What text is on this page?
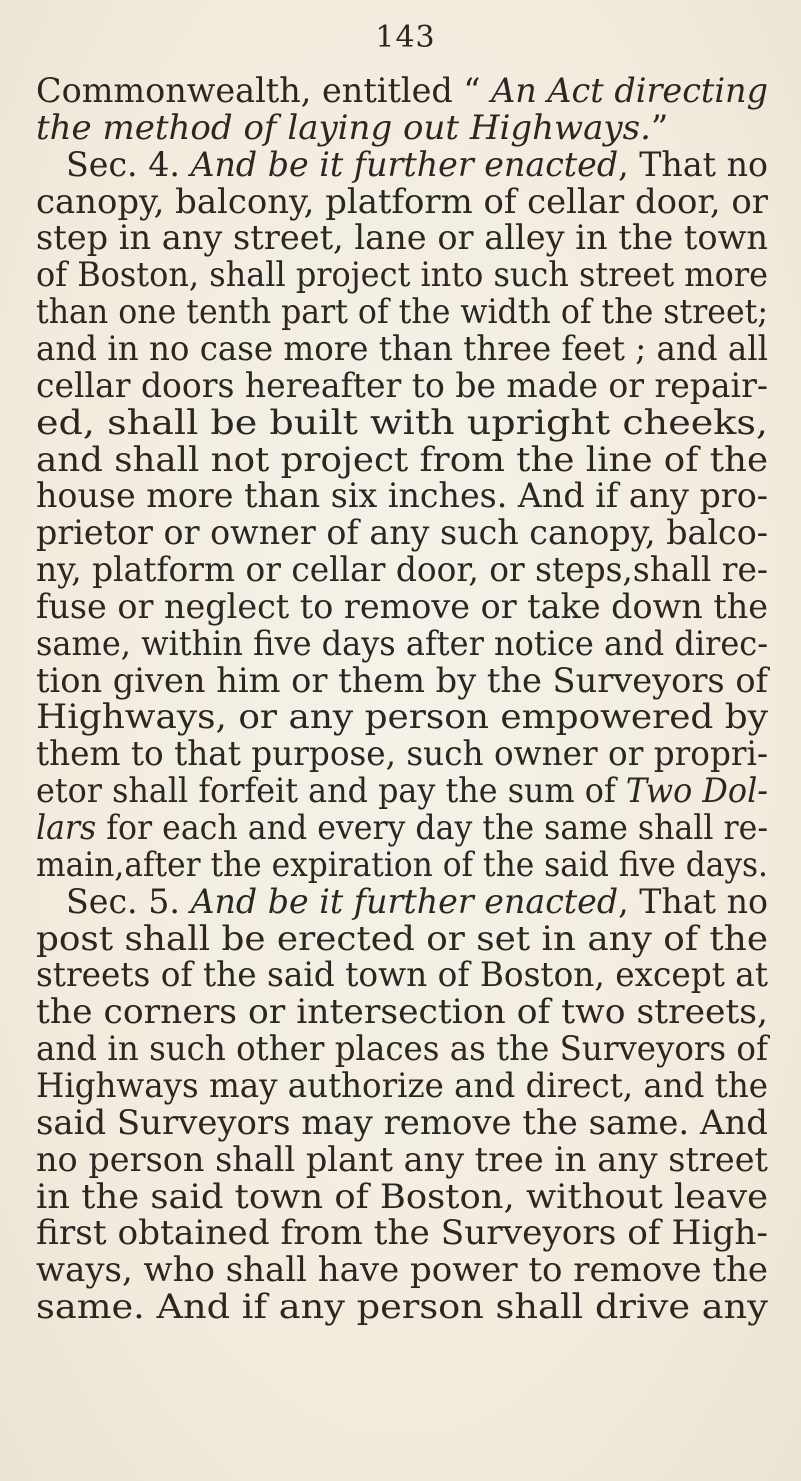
143
Commonwealth, entitled “ An Act directing
the method of laying out Highways.”
Sec. 4. And be it further enacted, That no
canopy, balcony, platform of cellar door, or
step in any street, lane or alley in the town
of Boston, shall project into such street more
than one tenth part of the width of the street;
and in no case more than three feet ; and all
cellar doors hereafter to be made or repair-
ed, shall be built with upright cheeks,
and shall not project from the line of the
house more than six inches. And if any pro-
prietor or owner of any such canopy, balco-
ny, platform or cellar door, or steps,shall re-
fuse or neglect to remove or take down the
same, within five days after notice and direc-
tion given him or them by the Surveyors of
Highways, or any person empowered by
them to that purpose, such owner or propri-
etor shall forfeit and pay the sum of Two Dol-
lars for each and every day the same shall re-
main,after the expiration of the said five days.
Sec. 5. And be it further enacted, That no
post shall be erected or set in any of the
streets of the said town of Boston, except at
the corners or intersection of two streets,
and in such other places as the Surveyors of
Highways may authorize and direct, and the
said Surveyors may remove the same. And
no person shall plant any tree in any street
in the said town of Boston, without leave
first obtained from the Surveyors of High-
ways, who shall have power to remove the
same. And if any person shall drive any
